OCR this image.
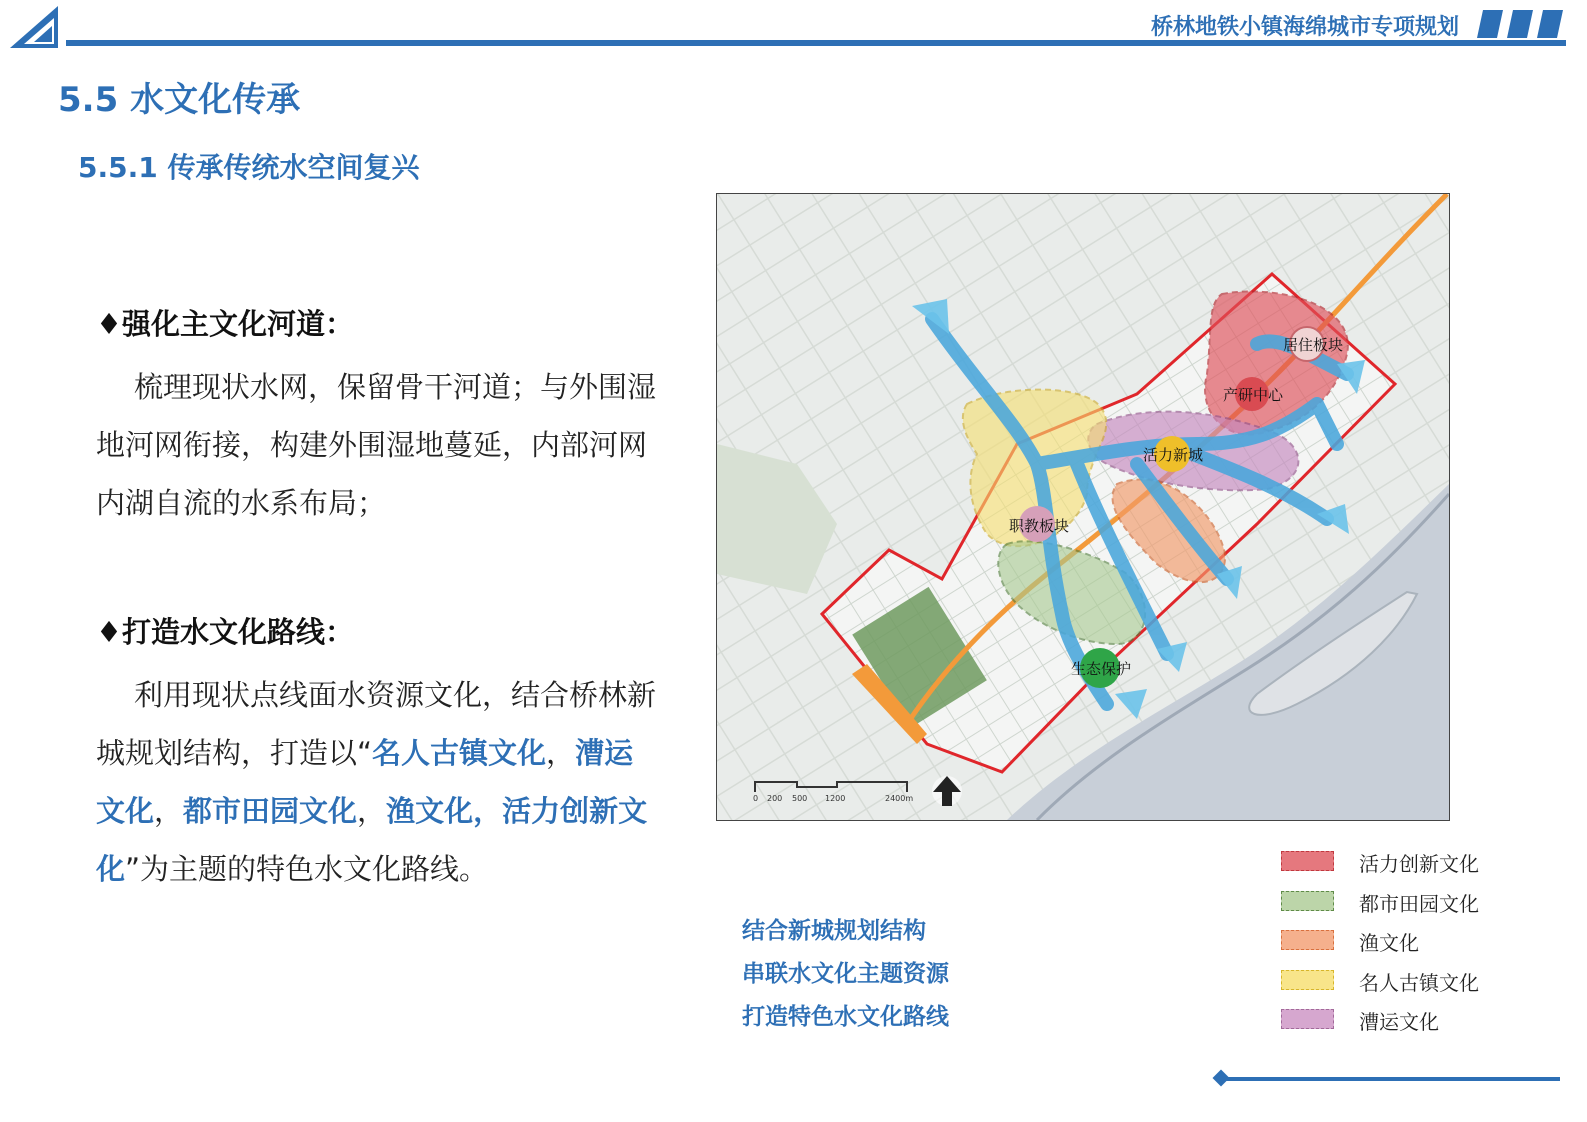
桥林地铁小镇海绵城市专项规划
5.5 水文化传承
5.5.1 传承传统水空间复兴
♦强化主文化河道：
梳理现状水网，保留骨干河道；与外围湿地河网衔接，构建外围湿地蔓延，内部河网内湖自流的水系布局；
♦打造水文化路线：
利用现状点线面水资源文化，结合桥林新城规划结构，打造以“名人古镇文化，漕运文化，都市田园文化，渔文化，活力创新文化”为主题的特色水文化路线。
居住板块
产研中心
活力新城
职教板块
生态保护
0 200 500 1200	2400m
结合新城规划结构
串联水文化主题资源
打造特色水文化路线
活力创新文化
都市田园文化
渔文化
名人古镇文化
漕运文化
